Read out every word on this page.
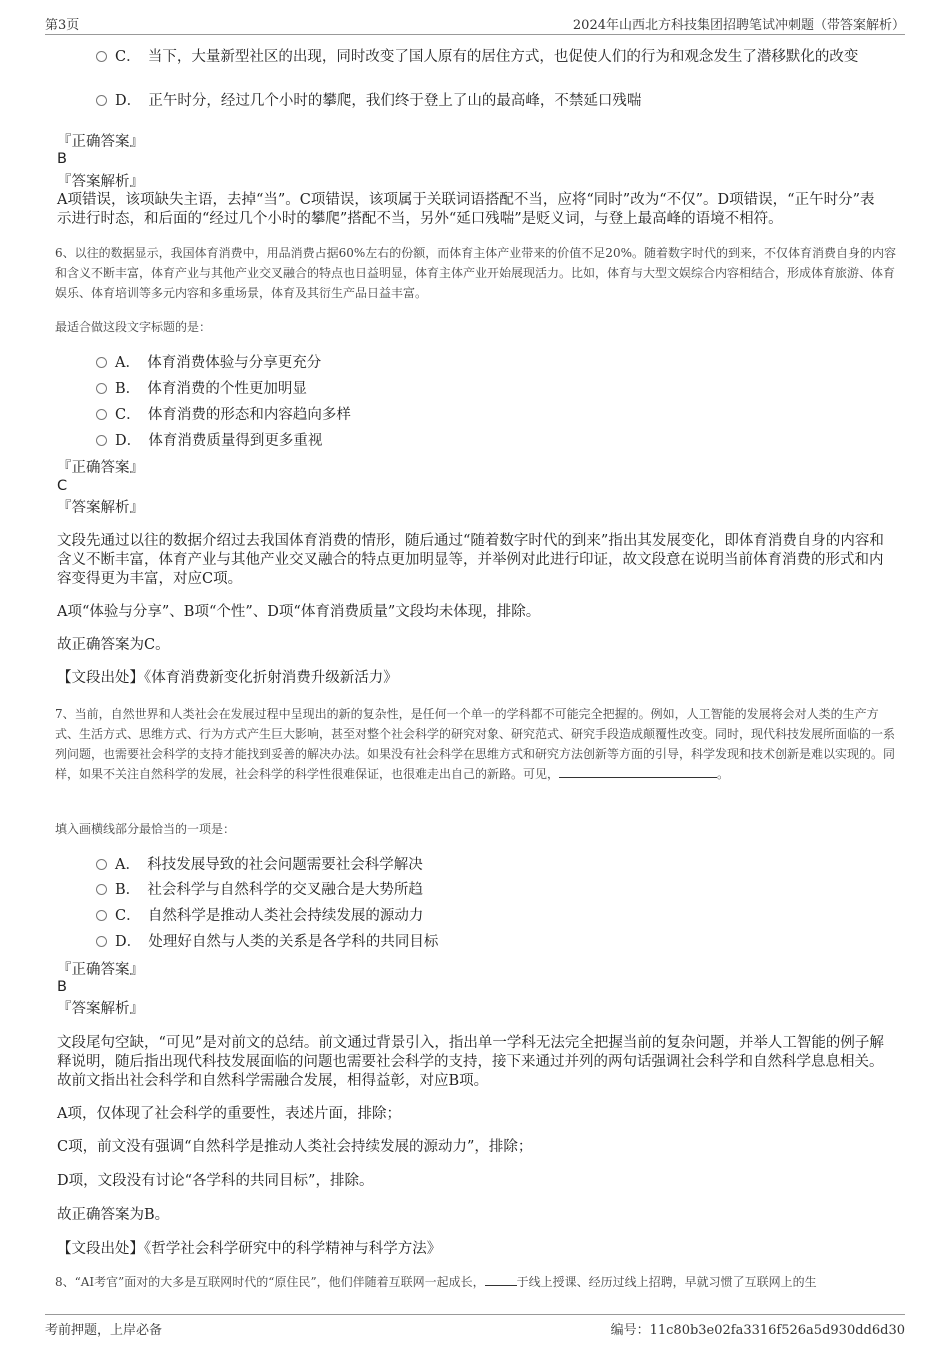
第3页	2024年山西北方科技集团招聘笔试冲刺题（带答案解析）
C．　当下，大量新型社区的出现，同时改变了国人原有的居住方式，也促使人们的行为和观念发生了潜移默化的改变
D．　正午时分，经过几个小时的攀爬，我们终于登上了山的最高峰，不禁延口残喘
『正确答案』
B
『答案解析』
A项错误，该项缺失主语，去掉“当”。C项错误，该项属于关联词语搭配不当，应将“同时”改为“不仅”。D项错误，“正午时分”表示进行时态，和后面的“经过几个小时的攀爬”搭配不当，另外“延口残喘”是贬义词，与登上最高峰的语境不相符。
6、以往的数据显示，我国体育消费中，用品消费占据60%左右的份额，而体育主体产业带来的价值不足20%。随着数字时代的到来，不仅体育消费自身的内容和含义不断丰富，体育产业与其他产业交叉融合的特点也日益明显，体育主体产业开始展现活力。比如，体育与大型文娱综合内容相结合，形成体育旅游、体育娱乐、体育培训等多元内容和多重场景，体育及其衍生产品日益丰富。
最适合做这段文字标题的是：
A．　体育消费体验与分享更充分
B．　体育消费的个性更加明显
C．　体育消费的形态和内容趋向多样
D．　体育消费质量得到更多重视
『正确答案』
C
『答案解析』
文段先通过以往的数据介绍过去我国体育消费的情形，随后通过“随着数字时代的到来”指出其发展变化，即体育消费自身的内容和含义不断丰富，体育产业与其他产业交叉融合的特点更加明显等，并举例对此进行印证，故文段意在说明当前体育消费的形式和内容变得更为丰富，对应C项。
A项“体验与分享”、B项“个性”、D项“体育消费质量”文段均未体现，排除。
故正确答案为C。
【文段出处】《体育消费新变化折射消费升级新活力》
7、当前，自然世界和人类社会在发展过程中呈现出的新的复杂性，是任何一个单一的学科都不可能完全把握的。例如，人工智能的发展将会对人类的生产方式、生活方式、思维方式、行为方式产生巨大影响，甚至对整个社会科学的研究对象、研究范式、研究手段造成颠覆性改变。同时，现代科技发展所面临的一系列问题，也需要社会科学的支持才能找到妥善的解决办法。如果没有社会科学在思维方式和研究方法创新等方面的引导，科学发现和技术创新是难以实现的。同样，如果不关注自然科学的发展，社会科学的科学性很难保证，也很难走出自己的新路。可见，	。
填入画横线部分最恰当的一项是：
A．　科技发展导致的社会问题需要社会科学解决
B．　社会科学与自然科学的交叉融合是大势所趋
C．　自然科学是推动人类社会持续发展的源动力
D．　处理好自然与人类的关系是各学科的共同目标
『正确答案』
B
『答案解析』
文段尾句空缺，“可见”是对前文的总结。前文通过背景引入，指出单一学科无法完全把握当前的复杂问题，并举人工智能的例子解释说明，随后指出现代科技发展面临的问题也需要社会科学的支持，接下来通过并列的两句话强调社会科学和自然科学息息相关。故前文指出社会科学和自然科学需融合发展，相得益彰，对应B项。
A项，仅体现了社会科学的重要性，表述片面，排除；
C项，前文没有强调“自然科学是推动人类社会持续发展的源动力”，排除；
D项，文段没有讨论“各学科的共同目标”，排除。
故正确答案为B。
【文段出处】《哲学社会科学研究中的科学精神与科学方法》
8、“AI考官”面对的大多是互联网时代的“原住民”，他们伴随着互联网一起成长，	于线上授课、经历过线上招聘，早就习惯了互联网上的生
考前押题，上岸必备	编号：11c80b3e02fa3316f526a5d930dd6d30
